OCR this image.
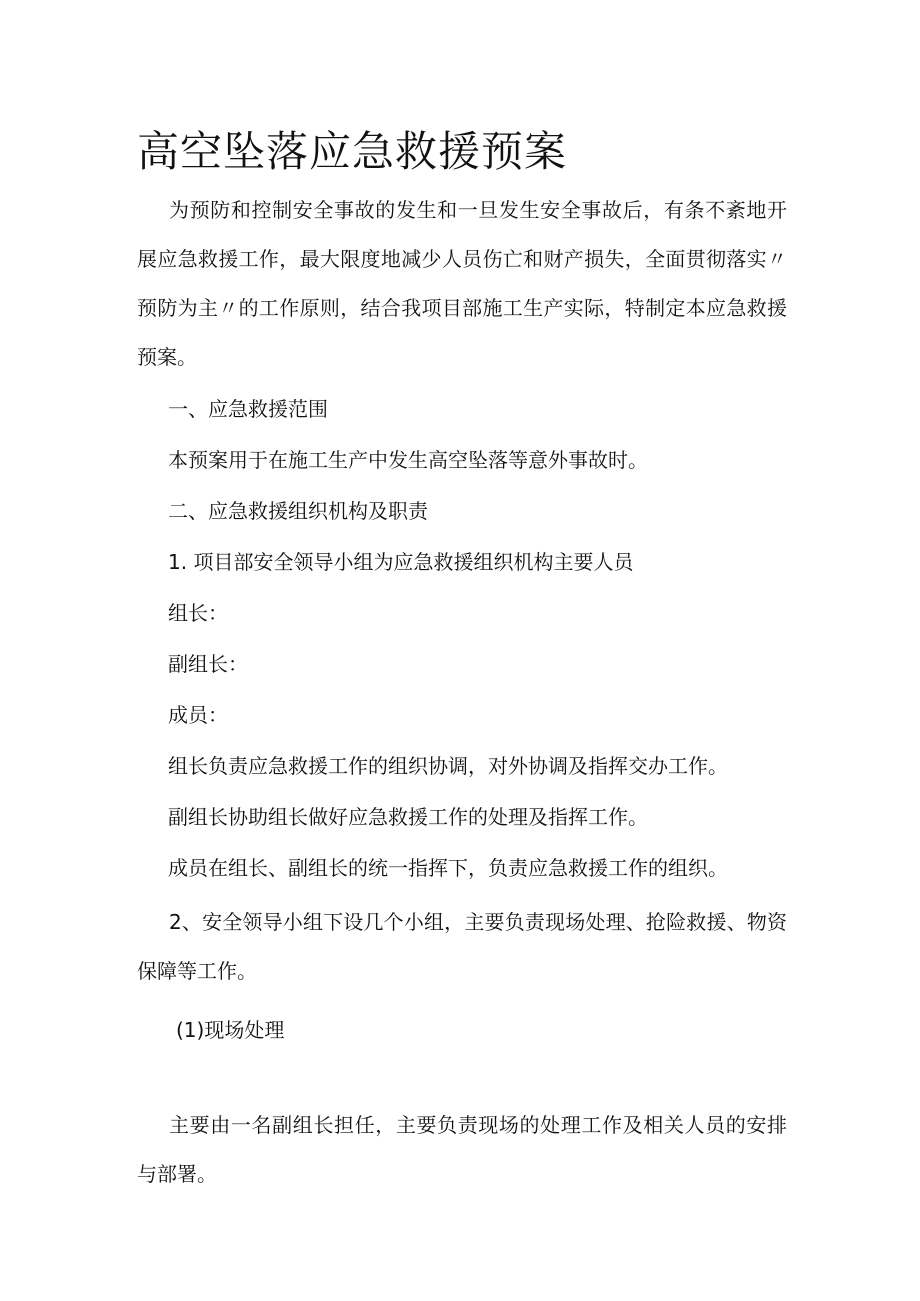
高空坠落应急救援预案

为预防和控制安全事故的发生和一旦发生安全事故后，有条不紊地开展应急救援工作，最大限度地减少人员伤亡和财产损失，全面贯彻落实〃预防为主〃的工作原则，结合我项目部施工生产实际，特制定本应急救援预案。

一、应急救援范围

本预案用于在施工生产中发生高空坠落等意外事故时。

二、应急救援组织机构及职责

1. 项目部安全领导小组为应急救援组织机构主要人员

组长：

副组长：

成员：

组长负责应急救援工作的组织协调，对外协调及指挥交办工作。

副组长协助组长做好应急救援工作的处理及指挥工作。

成员在组长、副组长的统一指挥下，负责应急救援工作的组织。

2、安全领导小组下设几个小组，主要负责现场处理、抢险救援、物资保障等工作。

(1)现场处理

主要由一名副组长担任，主要负责现场的处理工作及相关人员的安排与部署。
